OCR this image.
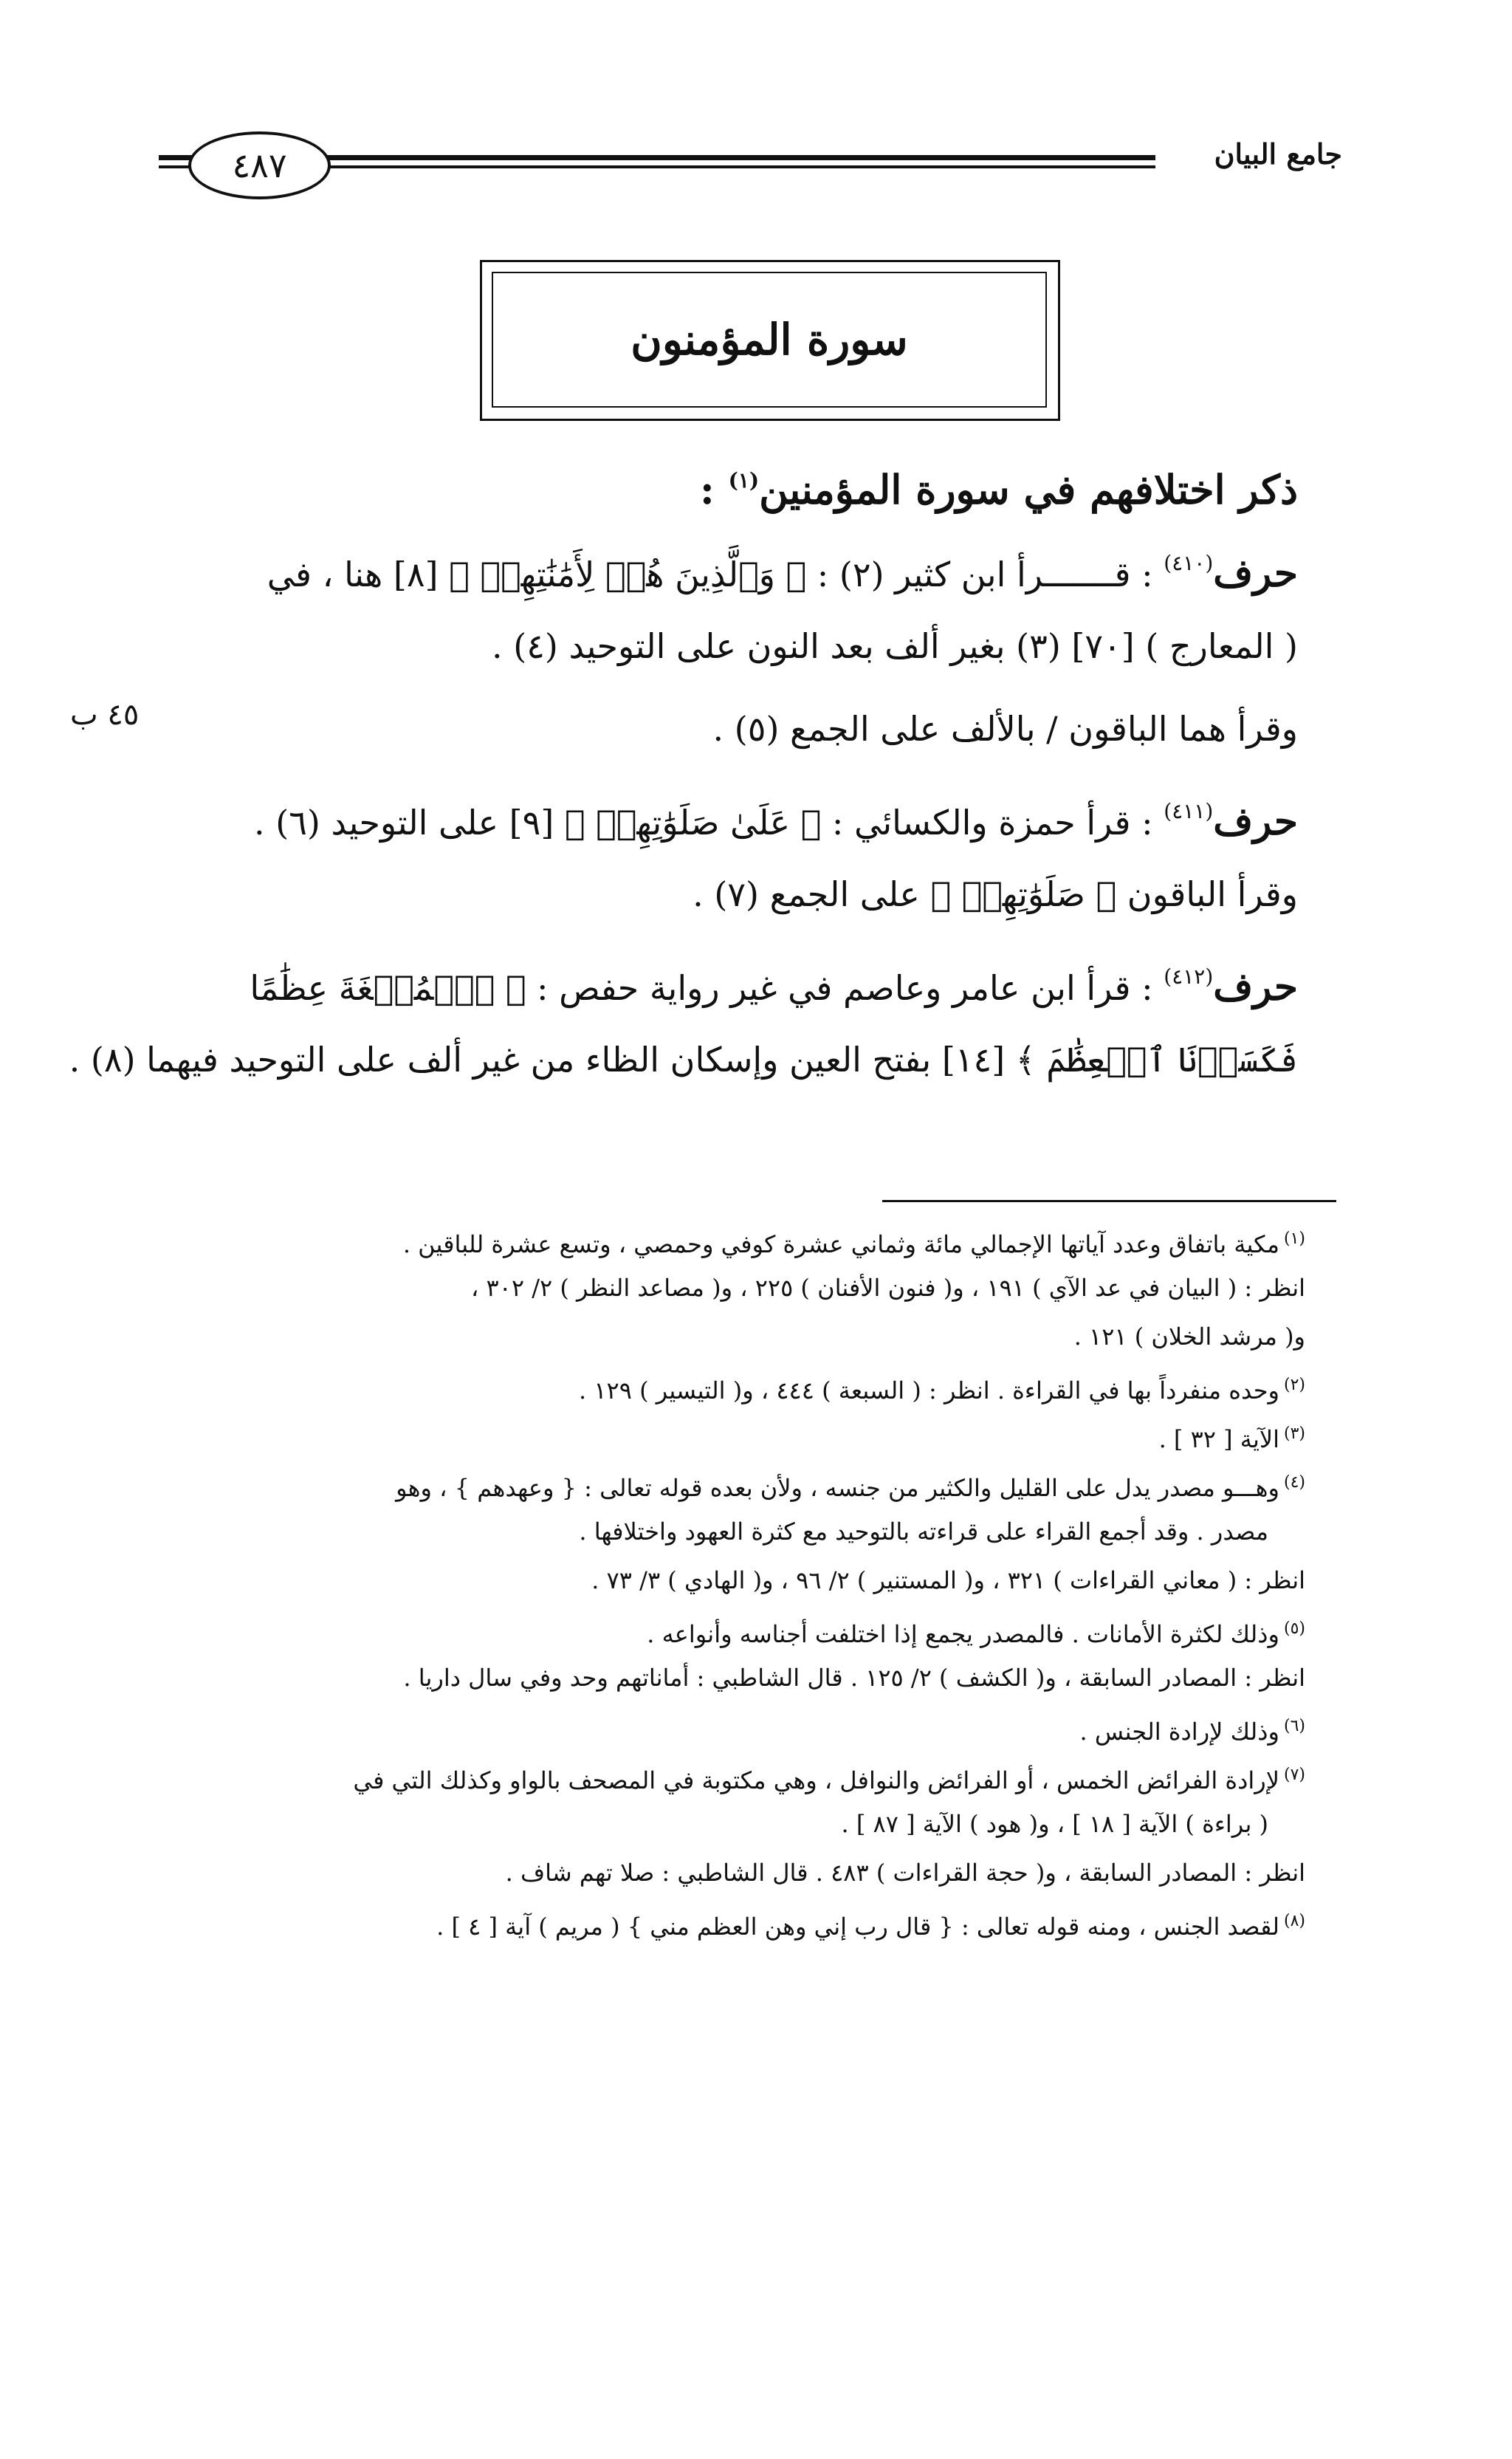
جامع البيان
٤٨٧
سورة المؤمنون
ذكر اختلافهم في سورة المؤمنين$^{(١)}$ :
حرف$^{(٤١٠)}$ : قـــــــرأ ابن كثير (٢) : ﴿ وَٱلَّذِينَ هُمۡ لِأَمَٰنَٰتِهِمۡ ﴾ [٨] هنا ، في
( المعارج ) [٧٠] (٣) بغير ألف بعد النون على التوحيد (٤) .
وقرأ هما الباقون / بالألف على الجمع (٥) .
حرف$^{(٤١١)}$ : قرأ حمزة والكسائي : ﴿ عَلَىٰ صَلَوَٰتِهِمۡ ﴾ [٩] على التوحيد (٦) .
وقرأ الباقون ﴿ صَلَوَٰتِهِمۡ ﴾ على الجمع (٧) .
حرف$^{(٤١٢)}$ : قرأ ابن عامر وعاصم في غير رواية حفص : ﴿ ٱلۡمُضۡغَةَ عِظَٰمًا
فَكَسَوۡنَا ٱلۡعِظَٰمَ ﴾ [١٤] بفتح العين وإسكان الظاء من غير ألف على التوحيد فيهما (٨) .
٤٥ ب
$^{(١)}$مكية باتفاق وعدد آياتها الإجمالي مائة وثماني عشرة كوفي وحمصي ، وتسع عشرة للباقين .
انظر : ( البيان في عد الآي ) ١٩١ ، و( فنون الأفنان ) ٢٢٥ ، و( مصاعد النظر ) ٢/ ٣٠٢ ،
و( مرشد الخلان ) ١٢١ .
$^{(٢)}$وحده منفرداً بها في القراءة . انظر : ( السبعة ) ٤٤٤ ، و( التيسير ) ١٢٩ .
$^{(٣)}$الآية [ ٣٢ ] .
$^{(٤)}$وهـــو مصدر يدل على القليل والكثير من جنسه ، ولأن بعده قوله تعالى : { وعهدهم } ، وهو
مصدر . وقد أجمع القراء على قراءته بالتوحيد مع كثرة العهود واختلافها .
انظر : ( معاني القراءات ) ٣٢١ ، و( المستنير ) ٢/ ٩٦ ، و( الهادي ) ٣/ ٧٣ .
$^{(٥)}$وذلك لكثرة الأمانات . فالمصدر يجمع إذا اختلفت أجناسه وأنواعه .
انظر : المصادر السابقة ، و( الكشف ) ٢/ ١٢٥ . قال الشاطبي : أماناتهم وحد وفي سال داريا .
$^{(٦)}$وذلك لإرادة الجنس .
$^{(٧)}$لإرادة الفرائض الخمس ، أو الفرائض والنوافل ، وهي مكتوبة في المصحف بالواو وكذلك التي في
( براءة ) الآية [ ١٨ ] ، و( هود ) الآية [ ٨٧ ] .
انظر : المصادر السابقة ، و( حجة القراءات ) ٤٨٣ . قال الشاطبي : صلا تهم شاف .
$^{(٨)}$لقصد الجنس ، ومنه قوله تعالى : { قال رب إني وهن العظم مني } ( مريم ) آية [ ٤ ] .
